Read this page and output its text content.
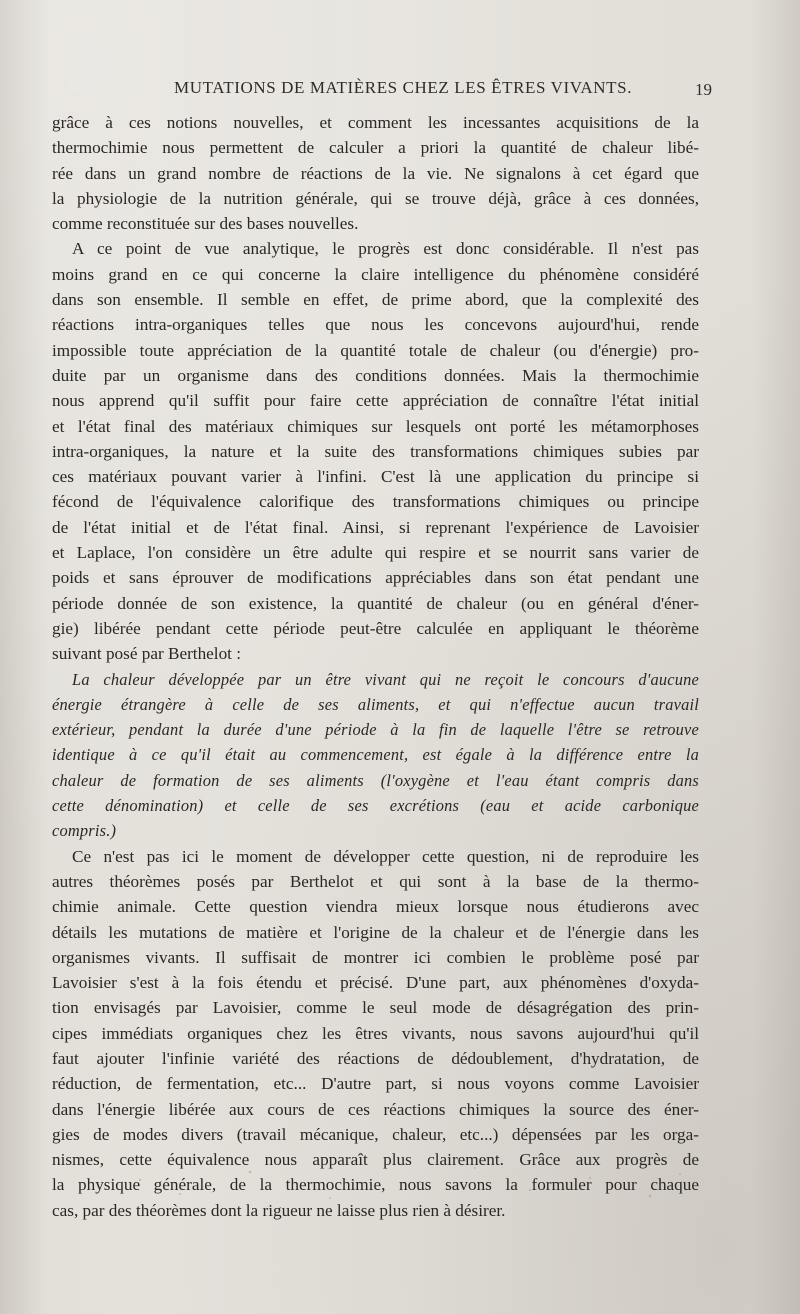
MUTATIONS DE MATIÈRES CHEZ LES ÊTRES VIVANTS.	19
grâce à ces notions nouvelles, et comment les incessantes acquisitions de la
thermochimie nous permettent de calculer a priori la quantité de chaleur libé-
rée dans un grand nombre de réactions de la vie. Ne signalons à cet égard que
la physiologie de la nutrition générale, qui se trouve déjà, grâce à ces données,
comme reconstituée sur des bases nouvelles.
A ce point de vue analytique, le progrès est donc considérable. Il n'est pas
moins grand en ce qui concerne la claire intelligence du phénomène considéré
dans son ensemble. Il semble en effet, de prime abord, que la complexité des
réactions intra-organiques telles que nous les concevons aujourd'hui, rende
impossible toute appréciation de la quantité totale de chaleur (ou d'énergie) pro-
duite par un organisme dans des conditions données. Mais la thermochimie
nous apprend qu'il suffit pour faire cette appréciation de connaître l'état initial
et l'état final des matériaux chimiques sur lesquels ont porté les métamorphoses
intra-organiques, la nature et la suite des transformations chimiques subies par
ces matériaux pouvant varier à l'infini. C'est là une application du principe si
fécond de l'équivalence calorifique des transformations chimiques ou principe
de l'état initial et de l'état final. Ainsi, si reprenant l'expérience de Lavoisier
et Laplace, l'on considère un être adulte qui respire et se nourrit sans varier de
poids et sans éprouver de modifications appréciables dans son état pendant une
période donnée de son existence, la quantité de chaleur (ou en général d'éner-
gie) libérée pendant cette période peut-être calculée en appliquant le théorème
suivant posé par Berthelot :
La chaleur développée par un être vivant qui ne reçoit le concours d'aucune
énergie étrangère à celle de ses aliments, et qui n'effectue aucun travail
extérieur, pendant la durée d'une période à la fin de laquelle l'être se retrouve
identique à ce qu'il était au commencement, est égale à la différence entre la
chaleur de formation de ses aliments (l'oxygène et l'eau étant compris dans
cette dénomination) et celle de ses excrétions (eau et acide carbonique
compris.)
Ce n'est pas ici le moment de développer cette question, ni de reproduire les
autres théorèmes posés par Berthelot et qui sont à la base de la thermo-
chimie animale. Cette question viendra mieux lorsque nous étudierons avec
détails les mutations de matière et l'origine de la chaleur et de l'énergie dans les
organismes vivants. Il suffisait de montrer ici combien le problème posé par
Lavoisier s'est à la fois étendu et précisé. D'une part, aux phénomènes d'oxyda-
tion envisagés par Lavoisier, comme le seul mode de désagrégation des prin-
cipes immédiats organiques chez les êtres vivants, nous savons aujourd'hui qu'il
faut ajouter l'infinie variété des réactions de dédoublement, d'hydratation, de
réduction, de fermentation, etc... D'autre part, si nous voyons comme Lavoisier
dans l'énergie libérée aux cours de ces réactions chimiques la source des éner-
gies de modes divers (travail mécanique, chaleur, etc...) dépensées par les orga-
nismes, cette équivalence nous apparaît plus clairement. Grâce aux progrès de
la physique générale, de la thermochimie, nous savons la formuler pour chaque
cas, par des théorèmes dont la rigueur ne laisse plus rien à désirer.
